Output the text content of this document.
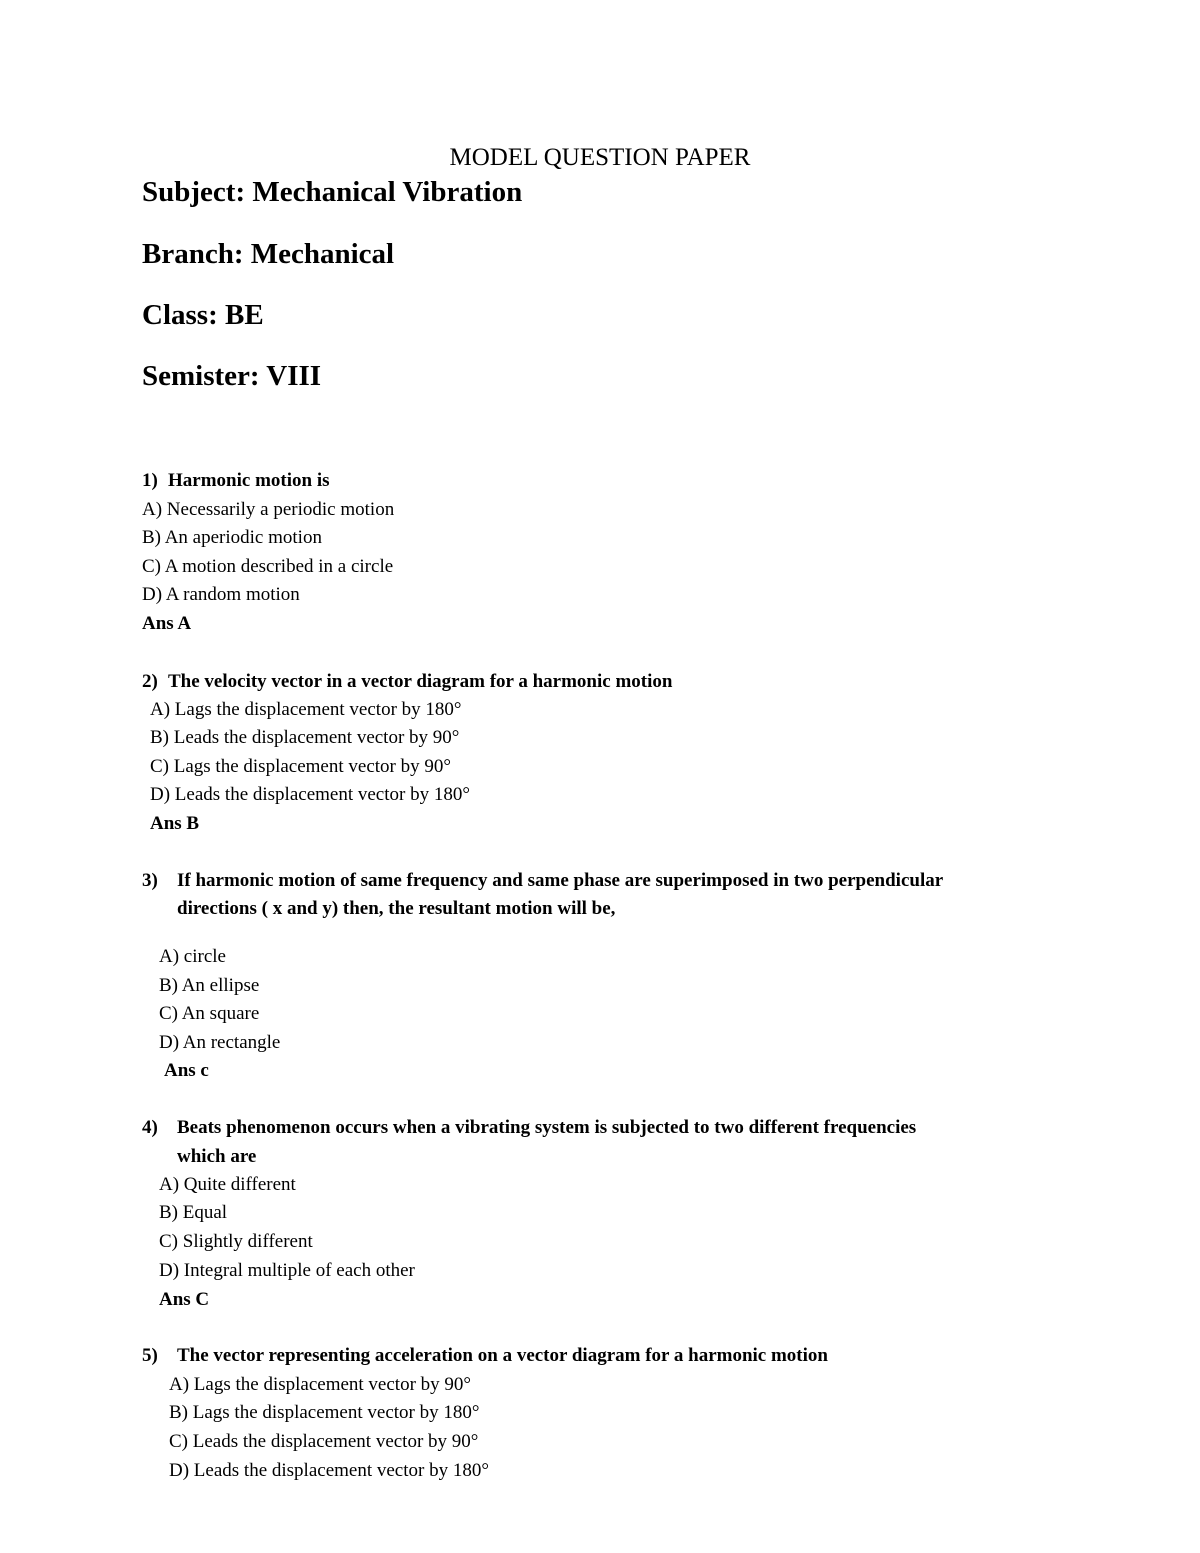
MODEL QUESTION PAPER
Subject: Mechanical Vibration
Branch: Mechanical
Class: BE
Semister: VIII
1) Harmonic motion is
A) Necessarily a periodic motion
B) An aperiodic motion
C) A motion described in a circle
D) A random motion
Ans A
2) The velocity vector in a vector diagram for a harmonic motion
A) Lags the displacement vector by 180°
B) Leads the displacement vector by 90°
C) Lags the displacement vector by 90°
D) Leads the displacement vector by 180°
Ans B
3) If harmonic motion of same frequency and same phase are superimposed in two perpendicular
directions ( x and y) then, the resultant motion will be,
A) circle
B) An ellipse
C) An square
D) An rectangle
Ans c
4) Beats phenomenon occurs when a vibrating system is subjected to two different frequencies
which are
A) Quite different
B) Equal
C) Slightly different
D) Integral multiple of each other
Ans C
5) The vector representing acceleration on a vector diagram for a harmonic motion
A) Lags the displacement vector by 90°
B) Lags the displacement vector by 180°
C) Leads the displacement vector by 90°
D) Leads the displacement vector by 180°
